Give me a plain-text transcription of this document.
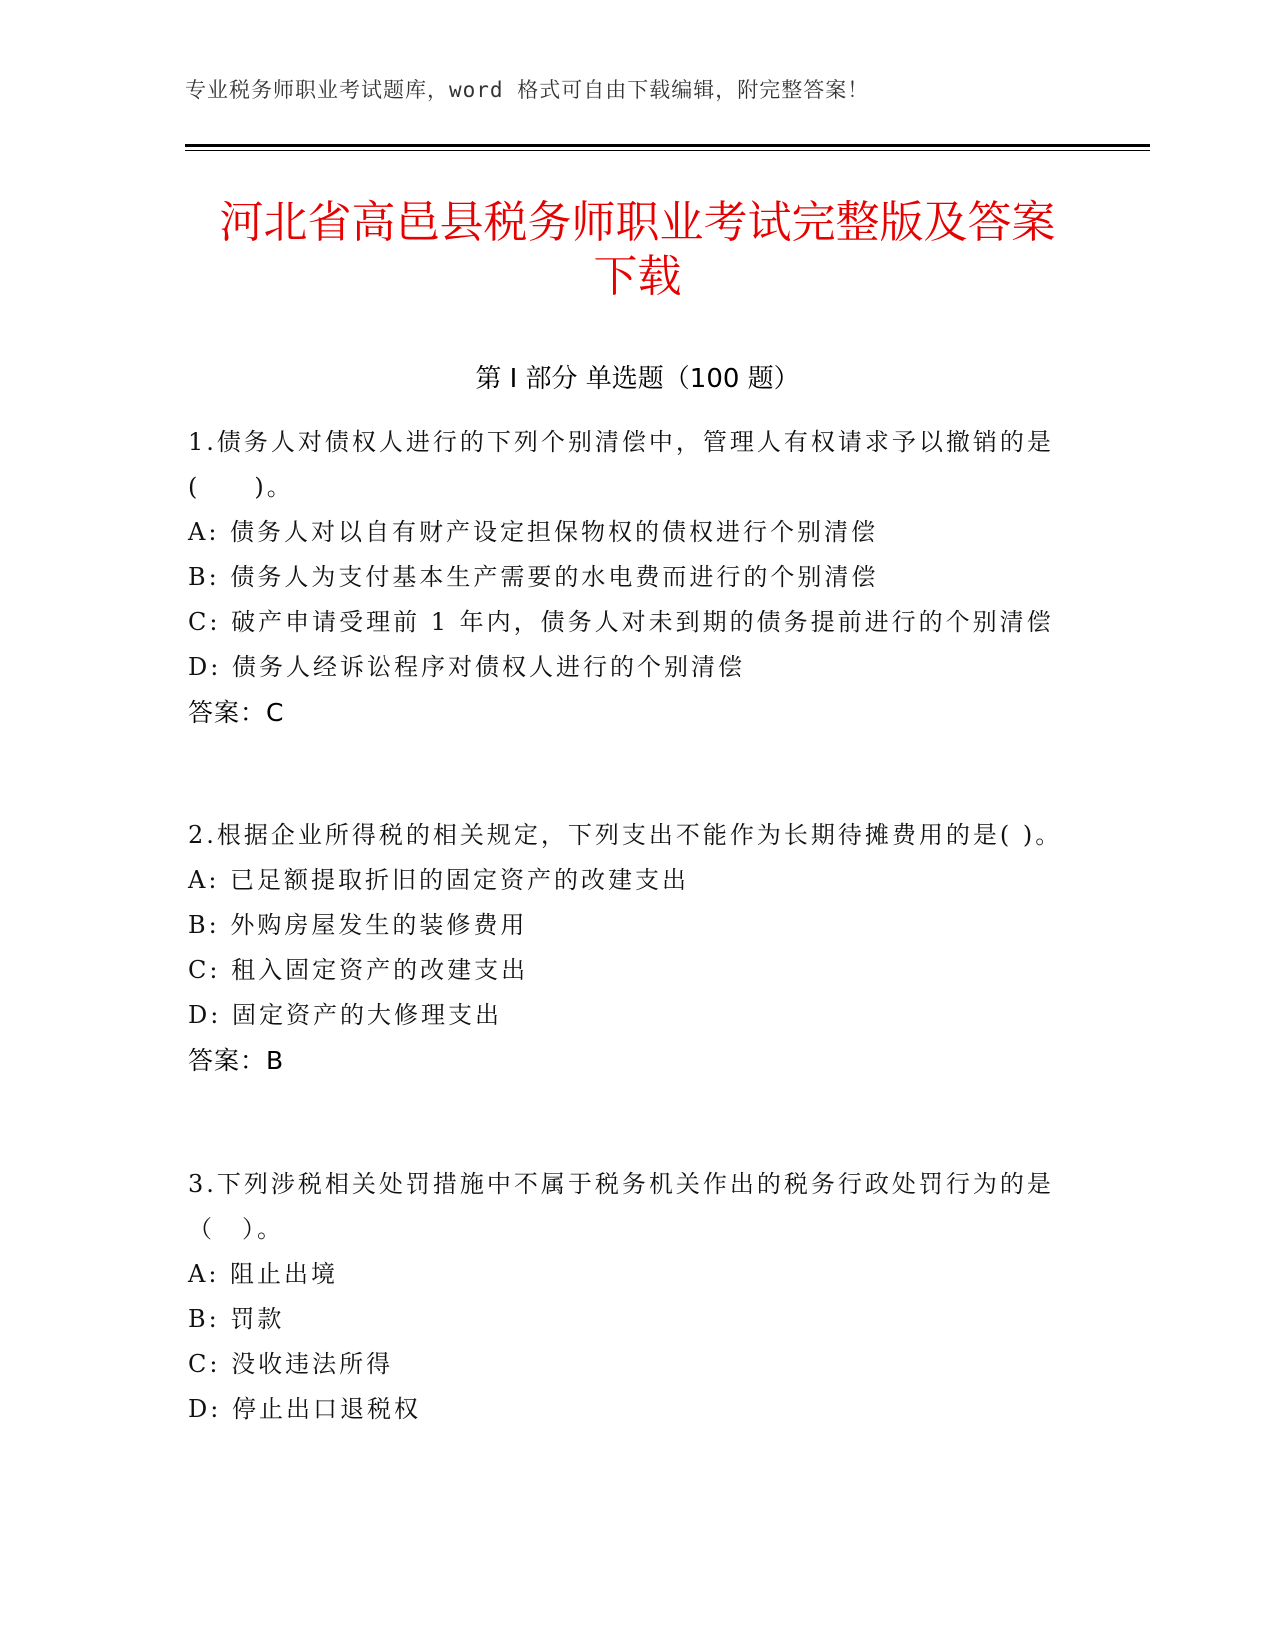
专业税务师职业考试题库，word 格式可自由下载编辑，附完整答案！
河北省高邑县税务师职业考试完整版及答案
下载
第 I 部分 单选题（100 题）
1.债务人对债权人进行的下列个别清偿中，管理人有权请求予以撤销的是(　　)。
A: 债务人对以自有财产设定担保物权的债权进行个别清偿
B: 债务人为支付基本生产需要的水电费而进行的个别清偿
C: 破产申请受理前 1 年内，债务人对未到期的债务提前进行的个别清偿
D: 债务人经诉讼程序对债权人进行的个别清偿
答案：C
2.根据企业所得税的相关规定，下列支出不能作为长期待摊费用的是( )。
A: 已足额提取折旧的固定资产的改建支出
B: 外购房屋发生的装修费用
C: 租入固定资产的改建支出
D: 固定资产的大修理支出
答案：B
3.下列涉税相关处罚措施中不属于税务机关作出的税务行政处罚行为的是（　）。
A: 阻止出境
B: 罚款
C: 没收违法所得
D: 停止出口退税权
